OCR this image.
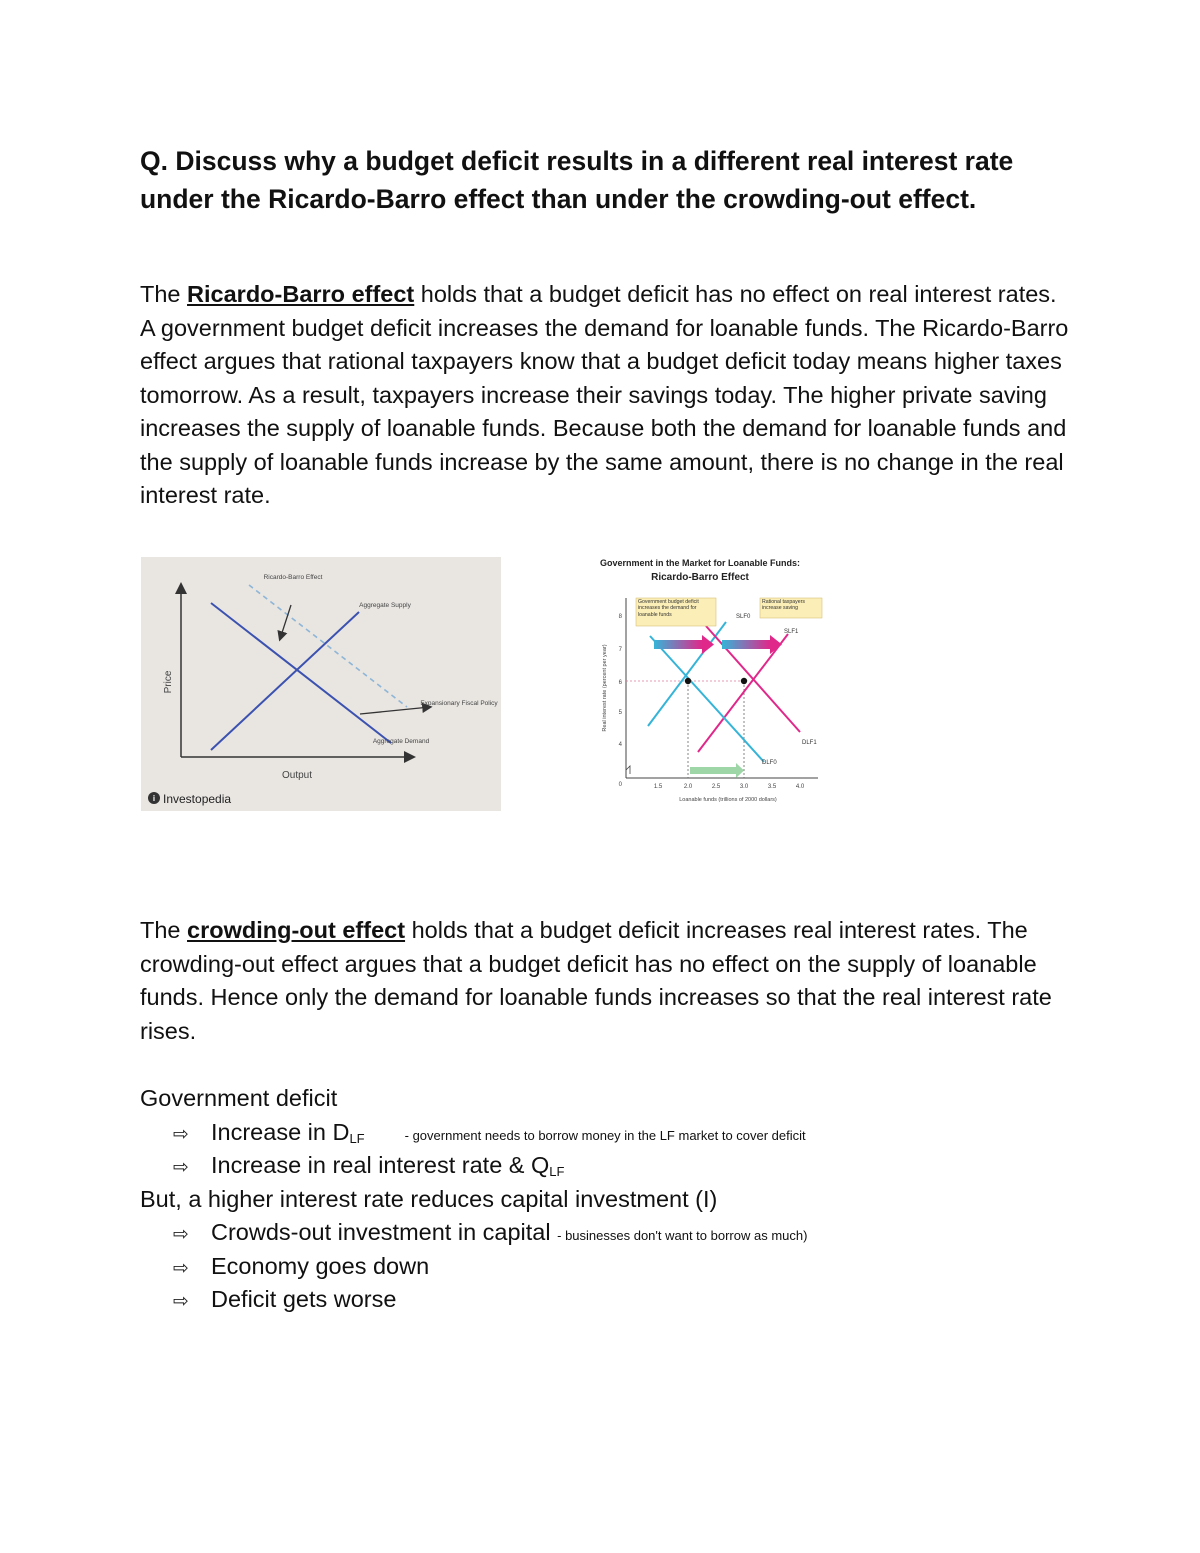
Q. Discuss why a budget deficit results in a different real interest rate under the Ricardo-Barro effect than under the crowding-out effect.

The Ricardo-Barro effect holds that a budget deficit has no effect on real interest rates. A government budget deficit increases the demand for loanable funds. The Ricardo-Barro effect argues that rational taxpayers know that a budget deficit today means higher taxes tomorrow. As a result, taxpayers increase their savings today. The higher private saving increases the supply of loanable funds. Because both the demand for loanable funds and the supply of loanable funds increase by the same amount, there is no change in the real interest rate.

Price
Output
Ricardo-Barro Effect
Aggregate Supply
Expansionary Fiscal Policy
Aggregate Demand
i Investopedia
Government in the Market for Loanable Funds:
Ricardo-Barro Effect
Real interest rate (percent per year)
Loanable funds (trillions of 2000 dollars)
8
7
6
5
4
0	1.5	2.0	2.5	3.0	3.5	4.0
Government budget deficit increases the demand for loanable funds
Rational taxpayers increase saving
SLF0
SLF1
DLF1
DLF0

The crowding-out effect holds that a budget deficit increases real interest rates. The crowding-out effect argues that a budget deficit has no effect on the supply of loanable funds. Hence only the demand for loanable funds increases so that the real interest rate rises.

Government deficit
⇨ Increase in $D_{LF}$	- government needs to borrow money in the LF market to cover deficit
⇨ Increase in real interest rate & $Q_{LF}$
But, a higher interest rate reduces capital investment (I)
⇨ Crowds-out investment in capital - businesses don't want to borrow as much)
⇨ Economy goes down
⇨ Deficit gets worse
